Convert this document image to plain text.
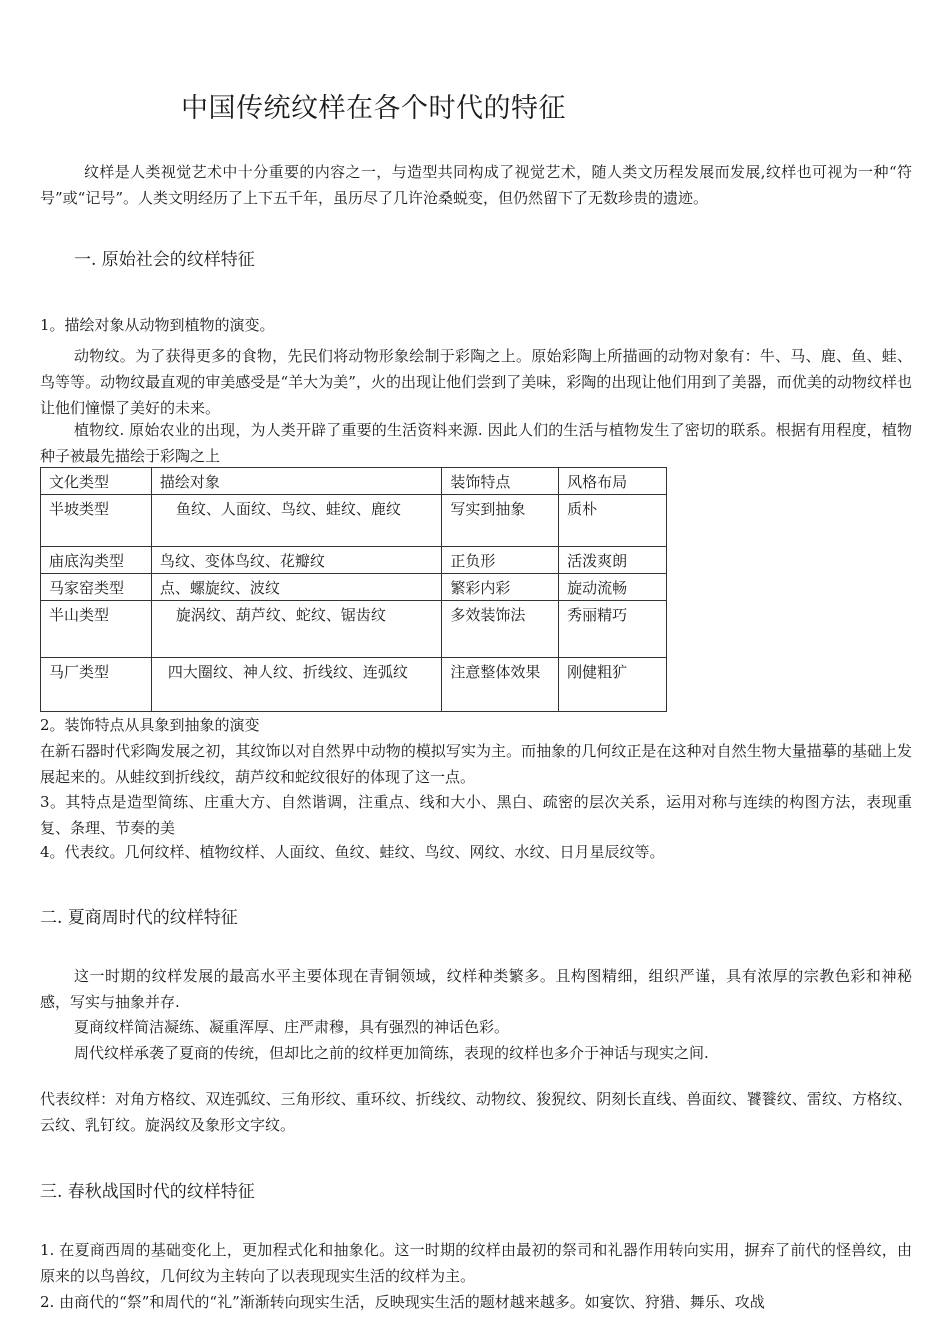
中国传统纹样在各个时代的特征
纹样是人类视觉艺术中十分重要的内容之一，与造型共同构成了视觉艺术，随人类文历程发展而发展,纹样也可视为一种“符号”或“记号”。人类文明经历了上下五千年，虽历尽了几许沧桑蜕变，但仍然留下了无数珍贵的遗迹。
一. 原始社会的纹样特征
1。描绘对象从动物到植物的演变。
动物纹。为了获得更多的食物，先民们将动物形象绘制于彩陶之上。原始彩陶上所描画的动物对象有：牛、马、鹿、鱼、蛙、鸟等等。动物纹最直观的审美感受是“羊大为美”，火的出现让他们尝到了美味，彩陶的出现让他们用到了美器，而优美的动物纹样也让他们憧憬了美好的未来。
植物纹. 原始农业的出现，为人类开辟了重要的生活资料来源. 因此人们的生活与植物发生了密切的联系。根据有用程度，植物种子被最先描绘于彩陶之上
文化类型	描绘对象	装饰特点	风格布局
半坡类型	鱼纹、人面纹、鸟纹、蛙纹、鹿纹	写实到抽象	质朴
庙底沟类型	鸟纹、变体鸟纹、花瓣纹	正负形	活泼爽朗
马家窑类型	点、螺旋纹、波纹	繁彩内彩	旋动流畅
半山类型	旋涡纹、葫芦纹、蛇纹、锯齿纹	多效装饰法	秀丽精巧
马厂类型	四大圈纹、神人纹、折线纹、连弧纹	注意整体效果	刚健粗犷
2。装饰特点从具象到抽象的演变
在新石器时代彩陶发展之初，其纹饰以对自然界中动物的模拟写实为主。而抽象的几何纹正是在这种对自然生物大量描摹的基础上发展起来的。从蛙纹到折线纹，葫芦纹和蛇纹很好的体现了这一点。
3。其特点是造型简练、庄重大方、自然谐调，注重点、线和大小、黑白、疏密的层次关系，运用对称与连续的构图方法，表现重复、条理、节奏的美
4。代表纹。几何纹样、植物纹样、人面纹、鱼纹、蛙纹、鸟纹、网纹、水纹、日月星辰纹等。
二. 夏商周时代的纹样特征
这一时期的纹样发展的最高水平主要体现在青铜领域，纹样种类繁多。且构图精细，组织严谨，具有浓厚的宗教色彩和神秘感，写实与抽象并存.
夏商纹样简洁凝练、凝重浑厚、庄严肃穆，具有强烈的神话色彩。
周代纹样承袭了夏商的传统，但却比之前的纹样更加简练，表现的纹样也多介于神话与现实之间.
代表纹样：对角方格纹、双连弧纹、三角形纹、重环纹、折线纹、动物纹、狻猊纹、阴刻长直线、兽面纹、饕餮纹、雷纹、方格纹、云纹、乳钉纹。旋涡纹及象形文字纹。
三. 春秋战国时代的纹样特征
1. 在夏商西周的基础变化上，更加程式化和抽象化。这一时期的纹样由最初的祭司和礼器作用转向实用，摒弃了前代的怪兽纹，由原来的以鸟兽纹，几何纹为主转向了以表现现实生活的纹样为主。
2. 由商代的“祭”和周代的“礼”渐渐转向现实生活，反映现实生活的题材越来越多。如宴饮、狩猎、舞乐、攻战
